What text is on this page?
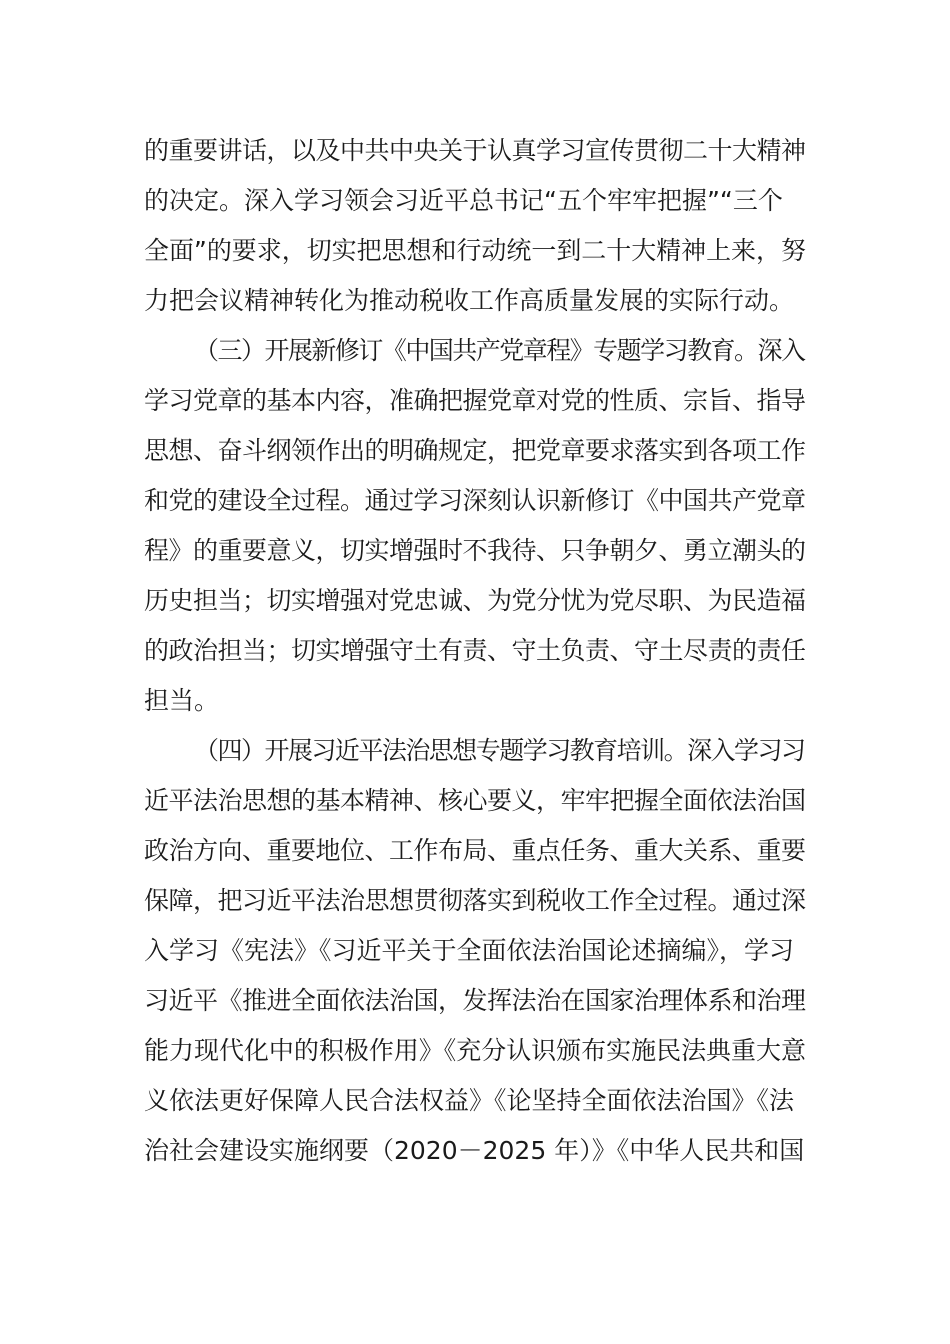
的重要讲话，以及中共中央关于认真学习宣传贯彻二十大精神
的决定。深入学习领会习近平总书记“五个牢牢把握”“三个
全面”的要求，切实把思想和行动统一到二十大精神上来，努
力把会议精神转化为推动税收工作高质量发展的实际行动。
（三）开展新修订《中国共产党章程》专题学习教育。深入
学习党章的基本内容，准确把握党章对党的性质、宗旨、指导
思想、奋斗纲领作出的明确规定，把党章要求落实到各项工作
和党的建设全过程。通过学习深刻认识新修订《中国共产党章
程》的重要意义，切实增强时不我待、只争朝夕、勇立潮头的
历史担当；切实增强对党忠诚、为党分忧为党尽职、为民造福
的政治担当；切实增强守土有责、守土负责、守土尽责的责任
担当。
（四）开展习近平法治思想专题学习教育培训。深入学习习
近平法治思想的基本精神、核心要义，牢牢把握全面依法治国
政治方向、重要地位、工作布局、重点任务、重大关系、重要
保障，把习近平法治思想贯彻落实到税收工作全过程。通过深
入学习《宪法》《习近平关于全面依法治国论述摘编》，学习
习近平《推进全面依法治国，发挥法治在国家治理体系和治理
能力现代化中的积极作用》《充分认识颁布实施民法典重大意
义依法更好保障人民合法权益》《论坚持全面依法治国》《法
治社会建设实施纲要（2020－2025 年）》《中华人民共和国
